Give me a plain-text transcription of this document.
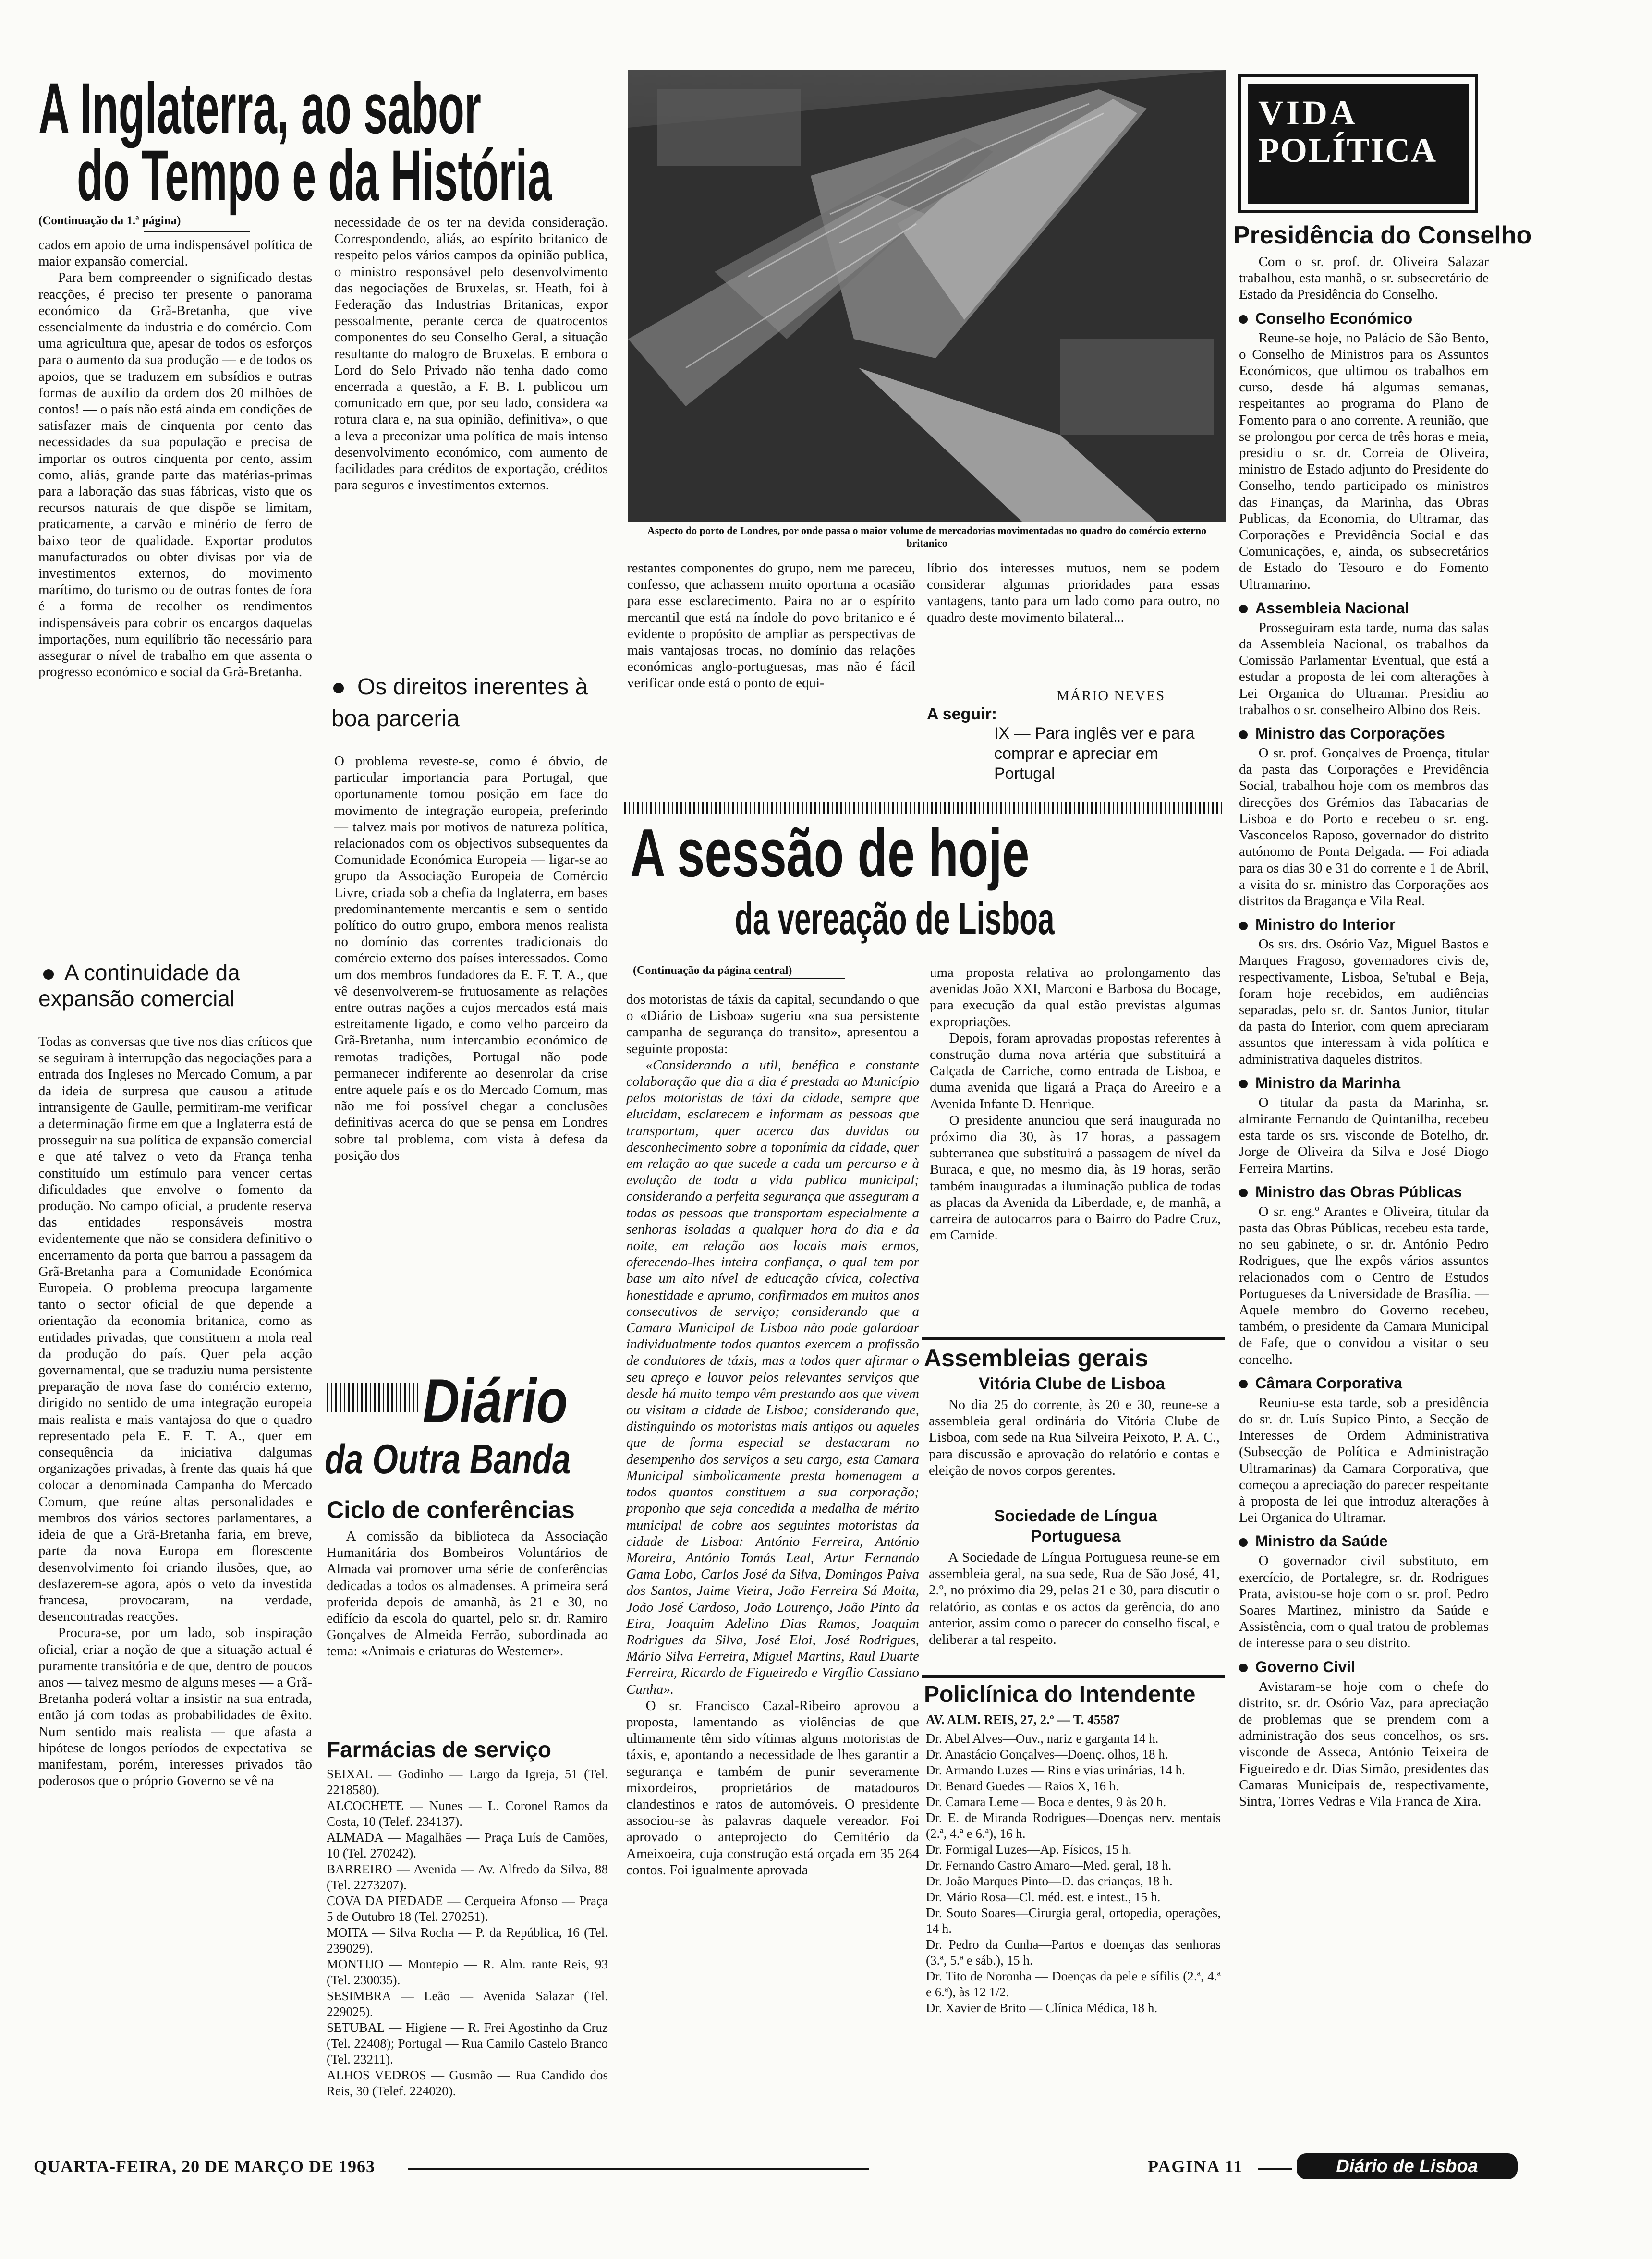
A Inglaterra, ao sabor
do Tempo e da História
(Continuação da 1.ª página)

cados em apoio de uma indispensável política de maior expansão comercial.

Para bem compreender o significado destas reacções, é preciso ter presente o panorama económico da Grã-Bretanha, que vive essencialmente da industria e do comércio. Com uma agricultura que, apesar de todos os esforços para o aumento da sua produção — e de todos os apoios, que se traduzem em subsídios e outras formas de auxílio da ordem dos 20 milhões de contos! — o país não está ainda em condições de satisfazer mais de cinquenta por cento das necessidades da sua população e precisa de importar os outros cinquenta por cento, assim como, aliás, grande parte das matérias-primas para a laboração das suas fábricas, visto que os recursos naturais de que dispõe se limitam, praticamente, a carvão e minério de ferro de baixo teor de qualidade. Exportar produtos manufacturados ou obter divisas por via de investimentos externos, do movimento marítimo, do turismo ou de outras fontes de fora é a forma de recolher os rendimentos indispensáveis para cobrir os encargos daquelas importações, num equilíbrio tão necessário para assegurar o nível de trabalho em que assenta o progresso económico e social da Grã-Bretanha.

A continuidade da expansão comercial

Todas as conversas que tive nos dias críticos que se seguiram à interrupção das negociações para a entrada dos Ingleses no Mercado Comum, a par da ideia de surpresa que causou a atitude intransigente de Gaulle, permitiram-me verificar a determinação firme em que a Inglaterra está de prosseguir na sua política de expansão comercial e que até talvez o veto da França tenha constituído um estímulo para vencer certas dificuldades que envolve o fomento da produção. No campo oficial, a prudente reserva das entidades responsáveis mostra evidentemente que não se considera definitivo o encerramento da porta que barrou a passagem da Grã-Bretanha para a Comunidade Económica Europeia. O problema preocupa largamente tanto o sector oficial de que depende a orientação da economia britanica, como as entidades privadas, que constituem a mola real da produção do país. Quer pela acção governamental, que se traduziu numa persistente preparação de nova fase do comércio externo, dirigido no sentido de uma integração europeia mais realista e mais vantajosa do que o quadro representado pela E. F. T. A., quer em consequência da iniciativa dalgumas organizações privadas, à frente das quais há que colocar a denominada Campanha do Mercado Comum, que reúne altas personalidades e membros dos vários sectores parlamentares, a ideia de que a Grã-Bretanha faria, em breve, parte da nova Europa em florescente desenvolvimento foi criando ilusões, que, ao desfazerem-se agora, após o veto da investida francesa, provocaram, na verdade, desencontradas reacções.

Procura-se, por um lado, sob inspiração oficial, criar a noção de que a situação actual é puramente transitória e de que, dentro de poucos anos — talvez mesmo de alguns meses — a Grã-Bretanha poderá voltar a insistir na sua entrada, então já com todas as probabilidades de êxito. Num sentido mais realista — que afasta a hipótese de longos períodos de expectativa—se manifestam, porém, interesses privados tão poderosos que o próprio Governo se vê na

necessidade de os ter na devida consideração. Correspondendo, aliás, ao espírito britanico de respeito pelos vários campos da opinião publica, o ministro responsável pelo desenvolvimento das negociações de Bruxelas, sr. Heath, foi à Federação das Industrias Britanicas, expor pessoalmente, perante cerca de quatrocentos componentes do seu Conselho Geral, a situação resultante do malogro de Bruxelas. E embora o Lord do Selo Privado não tenha dado como encerrada a questão, a F. B. I. publicou um comunicado em que, por seu lado, considera «a rotura clara e, na sua opinião, definitiva», o que a leva a preconizar uma política de mais intenso desenvolvimento económico, com aumento de facilidades para créditos de exportação, créditos para seguros e investimentos externos.

Os direitos inerentes à boa parceria

O problema reveste-se, como é óbvio, de particular importancia para Portugal, que oportunamente tomou posição em face do movimento de integração europeia, preferindo — talvez mais por motivos de natureza política, relacionados com os objectivos subsequentes da Comunidade Económica Europeia — ligar-se ao grupo da Associação Europeia de Comércio Livre, criada sob a chefia da Inglaterra, em bases predominantemente mercantis e sem o sentido político do outro grupo, embora menos realista no domínio das correntes tradicionais do comércio externo dos países interessados. Como um dos membros fundadores da E. F. T. A., que vê desenvolverem-se frutuosamente as relações entre outras nações a cujos mercados está mais estreitamente ligado, e como velho parceiro da Grã-Bretanha, num intercambio económico de remotas tradições, Portugal não pode permanecer indiferente ao desenrolar da crise entre aquele país e os do Mercado Comum, mas não me foi possível chegar a conclusões definitivas acerca do que se pensa em Londres sobre tal problema, com vista à defesa da posição dos

Aspecto do porto de Londres, por onde passa o maior volume de mercadorias movimentadas no quadro do comércio externo britanico

restantes componentes do grupo, nem me pareceu, confesso, que achassem muito oportuna a ocasião para esse esclarecimento. Paira no ar o espírito mercantil que está na índole do povo britanico e é evidente o propósito de ampliar as perspectivas de mais vantajosas trocas, no domínio das relações económicas anglo-portuguesas, mas não é fácil verificar onde está o ponto de equi-

líbrio dos interesses mutuos, nem se podem considerar algumas prioridades para essas vantagens, tanto para um lado como para outro, no quadro deste movimento bilateral...

MÁRIO NEVES
A seguir:
IX — Para inglês ver e para comprar e apreciar em Portugal
A sessão de hoje
da vereação de Lisboa
(Continuação da página central)

dos motoristas de táxis da capital, secundando o que o «Diário de Lisboa» sugeriu «na sua persistente campanha de segurança do transito», apresentou a seguinte proposta:

«Considerando a util, benéfica e constante colaboração que dia a dia é prestada ao Município pelos motoristas de táxi da cidade, sempre que elucidam, esclarecem e informam as pessoas que transportam, quer acerca das duvidas ou desconhecimento sobre a toponímia da cidade, quer em relação ao que sucede a cada um percurso e à evolução de toda a vida publica municipal; considerando a perfeita segurança que asseguram a todas as pessoas que transportam especialmente a senhoras isoladas a qualquer hora do dia e da noite, em relação aos locais mais ermos, oferecendo-lhes inteira confiança, o qual tem por base um alto nível de educação cívica, colectiva honestidade e aprumo, confirmados em muitos anos consecutivos de serviço; considerando que a Camara Municipal de Lisboa não pode galardoar individualmente todos quantos exercem a profissão de condutores de táxis, mas a todos quer afirmar o seu apreço e louvor pelos relevantes serviços que desde há muito tempo vêm prestando aos que vivem ou visitam a cidade de Lisboa; considerando que, distinguindo os motoristas mais antigos ou aqueles que de forma especial se destacaram no desempenho dos serviços a seu cargo, esta Camara Municipal simbolicamente presta homenagem a todos quantos constituem a sua corporação; proponho que seja concedida a medalha de mérito municipal de cobre aos seguintes motoristas da cidade de Lisboa: António Ferreira, António Moreira, António Tomás Leal, Artur Fernando Gama Lobo, Carlos José da Silva, Domingos Paiva dos Santos, Jaime Vieira, João Ferreira Sá Moita, João José Cardoso, João Lourenço, João Pinto da Eira, Joaquim Adelino Dias Ramos, Joaquim Rodrigues da Silva, José Eloi, José Rodrigues, Mário Silva Ferreira, Miguel Martins, Raul Duarte Ferreira, Ricardo de Figueiredo e Virgílio Cassiano Cunha».

O sr. Francisco Cazal-Ribeiro aprovou a proposta, lamentando as violências de que ultimamente têm sido vítimas alguns motoristas de táxis, e, apontando a necessidade de lhes garantir a segurança e também de punir severamente mixordeiros, proprietários de matadouros clandestinos e ratos de automóveis. O presidente associou-se às palavras daquele vereador. Foi aprovado o anteprojecto do Cemitério da Ameixoeira, cuja construção está orçada em 35 264 contos. Foi igualmente aprovada

uma proposta relativa ao prolongamento das avenidas João XXI, Marconi e Barbosa du Bocage, para execução da qual estão previstas algumas expropriações.

Depois, foram aprovadas propostas referentes à construção duma nova artéria que substituirá a Calçada de Carriche, como entrada de Lisboa, e duma avenida que ligará a Praça do Areeiro e a Avenida Infante D. Henrique.

O presidente anunciou que será inaugurada no próximo dia 30, às 17 horas, a passagem subterranea que substituirá a passagem de nível da Buraca, e que, no mesmo dia, às 19 horas, serão também inauguradas a iluminação publica de todas as placas da Avenida da Liberdade, e, de manhã, a carreira de autocarros para o Bairro do Padre Cruz, em Carnide.

Assembleias gerais
Vitória Clube de Lisboa

No dia 25 do corrente, às 20 e 30, reune-se a assembleia geral ordinária do Vitória Clube de Lisboa, com sede na Rua Silveira Peixoto, P. A. C., para discussão e aprovação do relatório e contas e eleição de novos corpos gerentes.

Sociedade de Língua Portuguesa

A Sociedade de Língua Portuguesa reune-se em assembleia geral, na sua sede, Rua de São José, 41, 2.º, no próximo dia 29, pelas 21 e 30, para discutir o relatório, as contas e os actos da gerência, do ano anterior, assim como o parecer do conselho fiscal, e deliberar a tal respeito.

Policlínica do Intendente
AV. ALM. REIS, 27, 2.º — T. 45587

Dr. Abel Alves—Ouv., nariz e garganta 14 h.

Dr. Anastácio Gonçalves—Doenç. olhos, 18 h.

Dr. Armando Luzes — Rins e vias urinárias, 14 h.

Dr. Benard Guedes — Raios X, 16 h.

Dr. Camara Leme — Boca e dentes, 9 às 20 h.

Dr. E. de Miranda Rodrigues—Doenças nerv. mentais (2.ª, 4.ª e 6.ª), 16 h.

Dr. Formigal Luzes—Ap. Físicos, 15 h.

Dr. Fernando Castro Amaro—Med. geral, 18 h.

Dr. João Marques Pinto—D. das crianças, 18 h.

Dr. Mário Rosa—Cl. méd. est. e intest., 15 h.

Dr. Souto Soares—Cirurgia geral, ortopedia, operações, 14 h.

Dr. Pedro da Cunha—Partos e doenças das senhoras (3.ª, 5.ª e sáb.), 15 h.

Dr. Tito de Noronha — Doenças da pele e sífilis (2.ª, 4.ª e 6.ª), às 12 1/2.

Dr. Xavier de Brito — Clínica Médica, 18 h.

Diário
da Outra Banda
Ciclo de conferências

A comissão da biblioteca da Associação Humanitária dos Bombeiros Voluntários de Almada vai promover uma série de conferências dedicadas a todos os almadenses. A primeira será proferida depois de amanhã, às 21 e 30, no edifício da escola do quartel, pelo sr. dr. Ramiro Gonçalves de Almeida Ferrão, subordinada ao tema: «Animais e criaturas do Westerner».

Farmácias de serviço

SEIXAL — Godinho — Largo da Igreja, 51 (Tel. 2218580).

ALCOCHETE — Nunes — L. Coronel Ramos da Costa, 10 (Telef. 234137).

ALMADA — Magalhães — Praça Luís de Camões, 10 (Tel. 270242).

BARREIRO — Avenida — Av. Alfredo da Silva, 88 (Tel. 2273207).

COVA DA PIEDADE — Cerqueira Afonso — Praça 5 de Outubro 18 (Tel. 270251).

MOITA — Silva Rocha — P. da República, 16 (Tel. 239029).

MONTIJO — Montepio — R. Alm. rante Reis, 93 (Tel. 230035).

SESIMBRA — Leão — Avenida Salazar (Tel. 229025).

SETUBAL — Higiene — R. Frei Agostinho da Cruz (Tel. 22408); Portugal — Rua Camilo Castelo Branco (Tel. 23211).

ALHOS VEDROS — Gusmão — Rua Candido dos Reis, 30 (Telef. 224020).

VIDA
POLÍTICA
Presidência do Conselho

Com o sr. prof. dr. Oliveira Salazar trabalhou, esta manhã, o sr. subsecretário de Estado da Presidência do Conselho.

Conselho Económico

Reune-se hoje, no Palácio de São Bento, o Conselho de Ministros para os Assuntos Económicos, que ultimou os trabalhos em curso, desde há algumas semanas, respeitantes ao programa do Plano de Fomento para o ano corrente. A reunião, que se prolongou por cerca de três horas e meia, presidiu o sr. dr. Correia de Oliveira, ministro de Estado adjunto do Presidente do Conselho, tendo participado os ministros das Finanças, da Marinha, das Obras Publicas, da Economia, do Ultramar, das Corporações e Previdência Social e das Comunicações, e, ainda, os subsecretários de Estado do Tesouro e do Fomento Ultramarino.

Assembleia Nacional

Prosseguiram esta tarde, numa das salas da Assembleia Nacional, os trabalhos da Comissão Parlamentar Eventual, que está a estudar a proposta de lei com alterações à Lei Organica do Ultramar. Presidiu ao trabalhos o sr. conselheiro Albino dos Reis.

Ministro das Corporações

O sr. prof. Gonçalves de Proença, titular da pasta das Corporações e Previdência Social, trabalhou hoje com os membros das direcções dos Grémios das Tabacarias de Lisboa e do Porto e recebeu o sr. eng. Vasconcelos Raposo, governador do distrito autónomo de Ponta Delgada. — Foi adiada para os dias 30 e 31 do corrente e 1 de Abril, a visita do sr. ministro das Corporações aos distritos da Bragança e Vila Real.

Ministro do Interior

Os srs. drs. Osório Vaz, Miguel Bastos e Marques Fragoso, governadores civis de, respectivamente, Lisboa, Se'tubal e Beja, foram hoje recebidos, em audiências separadas, pelo sr. dr. Santos Junior, titular da pasta do Interior, com quem apreciaram assuntos que interessam à vida política e administrativa daqueles distritos.

Ministro da Marinha

O titular da pasta da Marinha, sr. almirante Fernando de Quintanilha, recebeu esta tarde os srs. visconde de Botelho, dr. Jorge de Oliveira da Silva e José Diogo Ferreira Martins.

Ministro das Obras Públicas

O sr. eng.º Arantes e Oliveira, titular da pasta das Obras Públicas, recebeu esta tarde, no seu gabinete, o sr. dr. António Pedro Rodrigues, que lhe expôs vários assuntos relacionados com o Centro de Estudos Portugueses da Universidade de Brasília. — Aquele membro do Governo recebeu, também, o presidente da Camara Municipal de Fafe, que o convidou a visitar o seu concelho.

Câmara Corporativa

Reuniu-se esta tarde, sob a presidência do sr. dr. Luís Supico Pinto, a Secção de Interesses de Ordem Administrativa (Subsecção de Política e Administração Ultramarinas) da Camara Corporativa, que começou a apreciação do parecer respeitante à proposta de lei que introduz alterações à Lei Organica do Ultramar.

Ministro da Saúde

O governador civil substituto, em exercício, de Portalegre, sr. dr. Rodrigues Prata, avistou-se hoje com o sr. prof. Pedro Soares Martinez, ministro da Saúde e Assistência, com o qual tratou de problemas de interesse para o seu distrito.

Governo Civil

Avistaram-se hoje com o chefe do distrito, sr. dr. Osório Vaz, para apreciação de problemas que se prendem com a administração dos seus concelhos, os srs. visconde de Asseca, António Teixeira de Figueiredo e dr. Dias Simão, presidentes das Camaras Municipais de, respectivamente, Sintra, Torres Vedras e Vila Franca de Xira.

QUARTA-FEIRA, 20 DE MARÇO DE 1963	PAGINA 11	Diário de Lisboa
